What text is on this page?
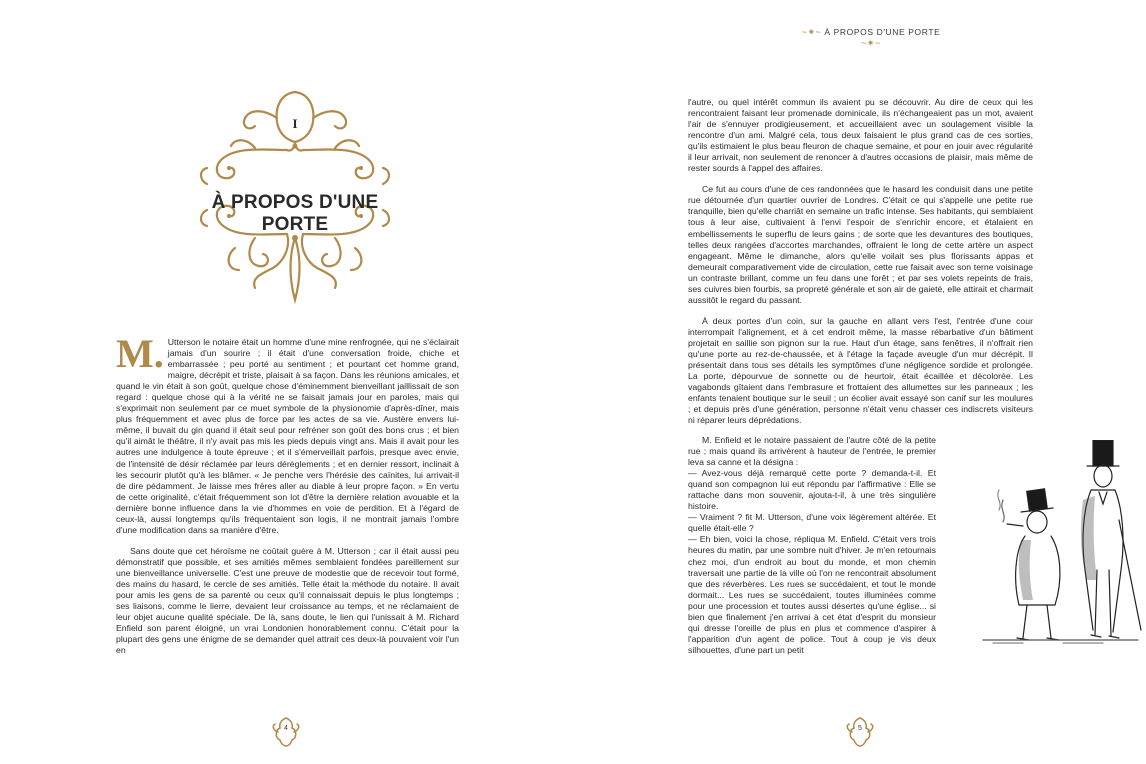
I
À PROPOS D'UNE PORTE

M. Utterson le notaire était un homme d'une mine renfrognée, qui ne s'éclairait jamais d'un sourire ; il était d'une conversation froide, chiche et embarrassée ; peu porté au sentiment ; et pourtant cet homme grand, maigre, décrépit et triste, plaisait à sa façon. Dans les réunions amicales, et quand le vin était à son goût, quelque chose d'éminemment bienveillant jaillissait de son regard : quelque chose qui à la vérité ne se faisait jamais jour en paroles, mais qui s'exprimait non seulement par ce muet symbole de la physionomie d'après-dîner, mais plus fréquemment et avec plus de force par les actes de sa vie. Austère envers lui-même, il buvait du gin quand il était seul pour refréner son goût des bons crus ; et bien qu'il aimât le théâtre, il n'y avait pas mis les pieds depuis vingt ans. Mais il avait pour les autres une indulgence à toute épreuve ; et il s'émerveillait parfois, presque avec envie, de l'intensité de désir réclamée par leurs dérèglements ; et en dernier ressort, inclinait à les secourir plutôt qu'à les blâmer. « Je penche vers l'hérésie des caïnites, lui arrivait-il de dire pédamment. Je laisse mes frères aller au diable à leur propre façon. » En vertu de cette originalité, c'était fréquemment son lot d'être la dernière relation avouable et la dernière bonne influence dans la vie d'hommes en voie de perdition. Et à l'égard de ceux-là, aussi longtemps qu'ils fréquentaient son logis, il ne montrait jamais l'ombre d'une modification dans sa manière d'être.

Sans doute que cet héroïsme ne coûtait guère à M. Utterson ; car il était aussi peu démonstratif que possible, et ses amitiés mêmes semblaient fondées pareillement sur une bienveillance universelle. C'est une preuve de modestie que de recevoir tout formé, des mains du hasard, le cercle de ses amitiés. Telle était la méthode du notaire. Il avait pour amis les gens de sa parenté ou ceux qu'il connaissait depuis le plus longtemps ; ses liaisons, comme le lierre, devaient leur croissance au temps, et ne réclamaient de leur objet aucune qualité spéciale. De là, sans doute, le lien qui l'unissait à M. Richard Enfield son parent éloigné, un vrai Londonien honorablement connu. C'était pour la plupart des gens une énigme de se demander quel attrait ces deux-là pouvaient voir l'un en

4
~⁕~ À PROPOS D'UNE PORTE ~⁕~

l'autre, ou quel intérêt commun ils avaient pu se découvrir. Au dire de ceux qui les rencontraient faisant leur promenade dominicale, ils n'échangeaient pas un mot, avaient l'air de s'ennuyer prodigieusement, et accueillaient avec un soulagement visible la rencontre d'un ami. Malgré cela, tous deux faisaient le plus grand cas de ces sorties, qu'ils estimaient le plus beau fleuron de chaque semaine, et pour en jouir avec régularité il leur arrivait, non seulement de renoncer à d'autres occasions de plaisir, mais même de rester sourds à l'appel des affaires.

Ce fut au cours d'une de ces randonnées que le hasard les conduisit dans une petite rue détournée d'un quartier ouvrier de Londres. C'était ce qui s'appelle une petite rue tranquille, bien qu'elle charriât en semaine un trafic intense. Ses habitants, qui semblaient tous à leur aise, cultivaient à l'envi l'espoir de s'enrichir encore, et étalaient en embellissements le superflu de leurs gains ; de sorte que les devantures des boutiques, telles deux rangées d'accortes marchandes, offraient le long de cette artère un aspect engageant. Même le dimanche, alors qu'elle voilait ses plus florissants appas et demeurait comparativement vide de circulation, cette rue faisait avec son terne voisinage un contraste brillant, comme un feu dans une forêt ; et par ses volets repeints de frais, ses cuivres bien fourbis, sa propreté générale et son air de gaieté, elle attirait et charmait aussitôt le regard du passant.

À deux portes d'un coin, sur la gauche en allant vers l'est, l'entrée d'une cour interrompait l'alignement, et à cet endroit même, la masse rébarbative d'un bâtiment projetait en saillie son pignon sur la rue. Haut d'un étage, sans fenêtres, il n'offrait rien qu'une porte au rez-de-chaussée, et à l'étage la façade aveugle d'un mur décrépit. Il présentait dans tous ses détails les symptômes d'une négligence sordide et prolongée. La porte, dépourvue de sonnette ou de heurtoir, était écaillée et décolorée. Les vagabonds gîtaient dans l'embrasure et frottaient des allumettes sur les panneaux ; les enfants tenaient boutique sur le seuil ; un écolier avait essayé son canif sur les moulures ; et depuis près d'une génération, personne n'était venu chasser ces indiscrets visiteurs ni réparer leurs déprédations.

M. Enfield et le notaire passaient de l'autre côté de la petite rue ; mais quand ils arrivèrent à hauteur de l'entrée, le premier leva sa canne et la désigna :

— Avez-vous déjà remarqué cette porte ? demanda-t-il. Et quand son compagnon lui eut répondu par l'affirmative : Elle se rattache dans mon souvenir, ajouta-t-il, à une très singulière histoire.

— Vraiment ? fit M. Utterson, d'une voix légèrement altérée. Et quelle était-elle ?

— Eh bien, voici la chose, répliqua M. Enfield. C'était vers trois heures du matin, par une sombre nuit d'hiver. Je m'en retournais chez moi, d'un endroit au bout du monde, et mon chemin traversait une partie de la ville où l'on ne rencontrait absolument que des réverbères. Les rues se succédaient, et tout le monde dormait... Les rues se succédaient, toutes illuminées comme pour une procession et toutes aussi désertes qu'une église... si bien que finalement j'en arrivai à cet état d'esprit du monsieur qui dresse l'oreille de plus en plus et commence d'aspirer à l'apparition d'un agent de police. Tout à coup je vis deux silhouettes, d'une part un petit

5
